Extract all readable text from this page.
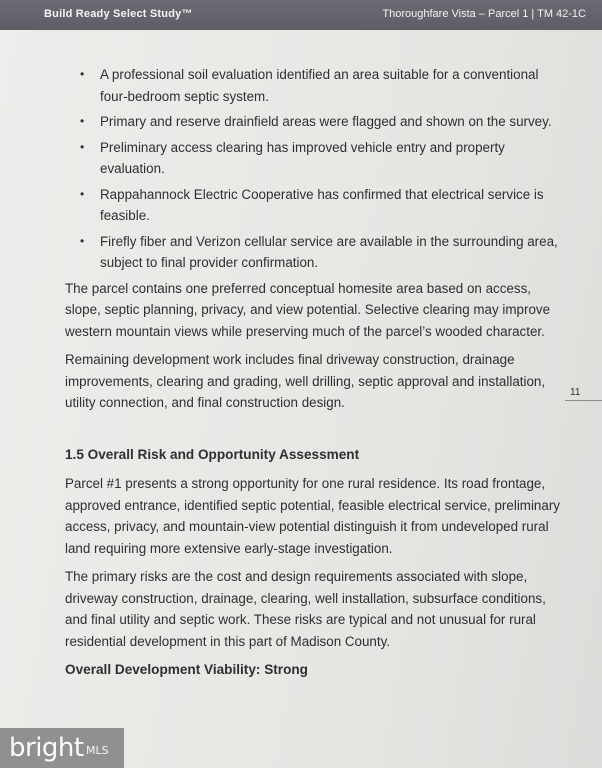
Build Ready Select Study™	Thoroughfare Vista – Parcel 1 | TM 42-1C
• A professional soil evaluation identified an area suitable for a conventional four-bedroom septic system.
• Primary and reserve drainfield areas were flagged and shown on the survey.
• Preliminary access clearing has improved vehicle entry and property evaluation.
• Rappahannock Electric Cooperative has confirmed that electrical service is feasible.
• Firefly fiber and Verizon cellular service are available in the surrounding area, subject to final provider confirmation.

The parcel contains one preferred conceptual homesite area based on access, slope, septic planning, privacy, and view potential. Selective clearing may improve western mountain views while preserving much of the parcel’s wooded character.

Remaining development work includes final driveway construction, drainage improvements, clearing and grading, well drilling, septic approval and installation, utility connection, and final construction design.

1.5 Overall Risk and Opportunity Assessment

Parcel #1 presents a strong opportunity for one rural residence. Its road frontage, approved entrance, identified septic potential, feasible electrical service, preliminary access, privacy, and mountain-view potential distinguish it from undeveloped rural land requiring more extensive early-stage investigation.

The primary risks are the cost and design requirements associated with slope, driveway construction, drainage, clearing, well installation, subsurface conditions, and final utility and septic work. These risks are typical and not unusual for rural residential development in this part of Madison County.

Overall Development Viability: Strong

11
bright MLS
